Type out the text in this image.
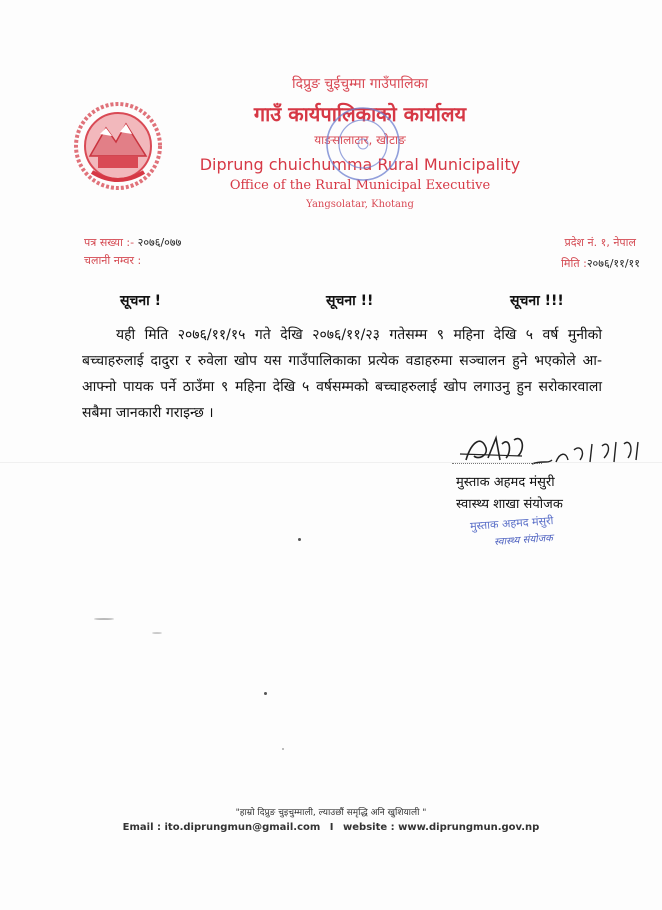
दिप्रुङ चुईचुम्मा गाउँपालिका
गाउँ कार्यपालिकाको कार्यालय
याङसालाटार, खोटाङ
Diprung chuichumma Rural Municipality
Office of the Rural Municipal Executive
Yangsolatar, Khotang
पत्र सख्या :- २०७६/०७७
चलानी नम्वर :
प्रदेश नं. १, नेपाल
मिति :२०७६/११/११
सूचना !	सूचना !!	सूचना !!!
यही मिति २०७६/११/१५ गते देखि २०७६/११/२३ गतेसम्म ९ महिना देखि ५ वर्ष मुनीको बच्चाहरुलाई दादुरा र रुवेला खोप यस गाउँपालिकाका प्रत्येक वडाहरुमा सञ्चालन हुने भएकोले आ-आफ्नो पायक पर्ने ठाउँमा ९ महिना देखि ५ वर्षसम्मको बच्चाहरुलाई खोप लगाउनु हुन सरोकारवाला सबैमा जानकारी गराइन्छ ।
मुस्ताक अहमद मंसुरी
स्वास्थ्य शाखा संयोजक
मुस्ताक अहमद मंसुरी
स्वास्थ्य संयोजक
"हाम्रो दिप्रुङ चुइचुम्माली, ल्याउछौं समृद्धि अनि खुशियाली "
Email : ito.diprungmun@gmail.com I website : www.diprungmun.gov.np
